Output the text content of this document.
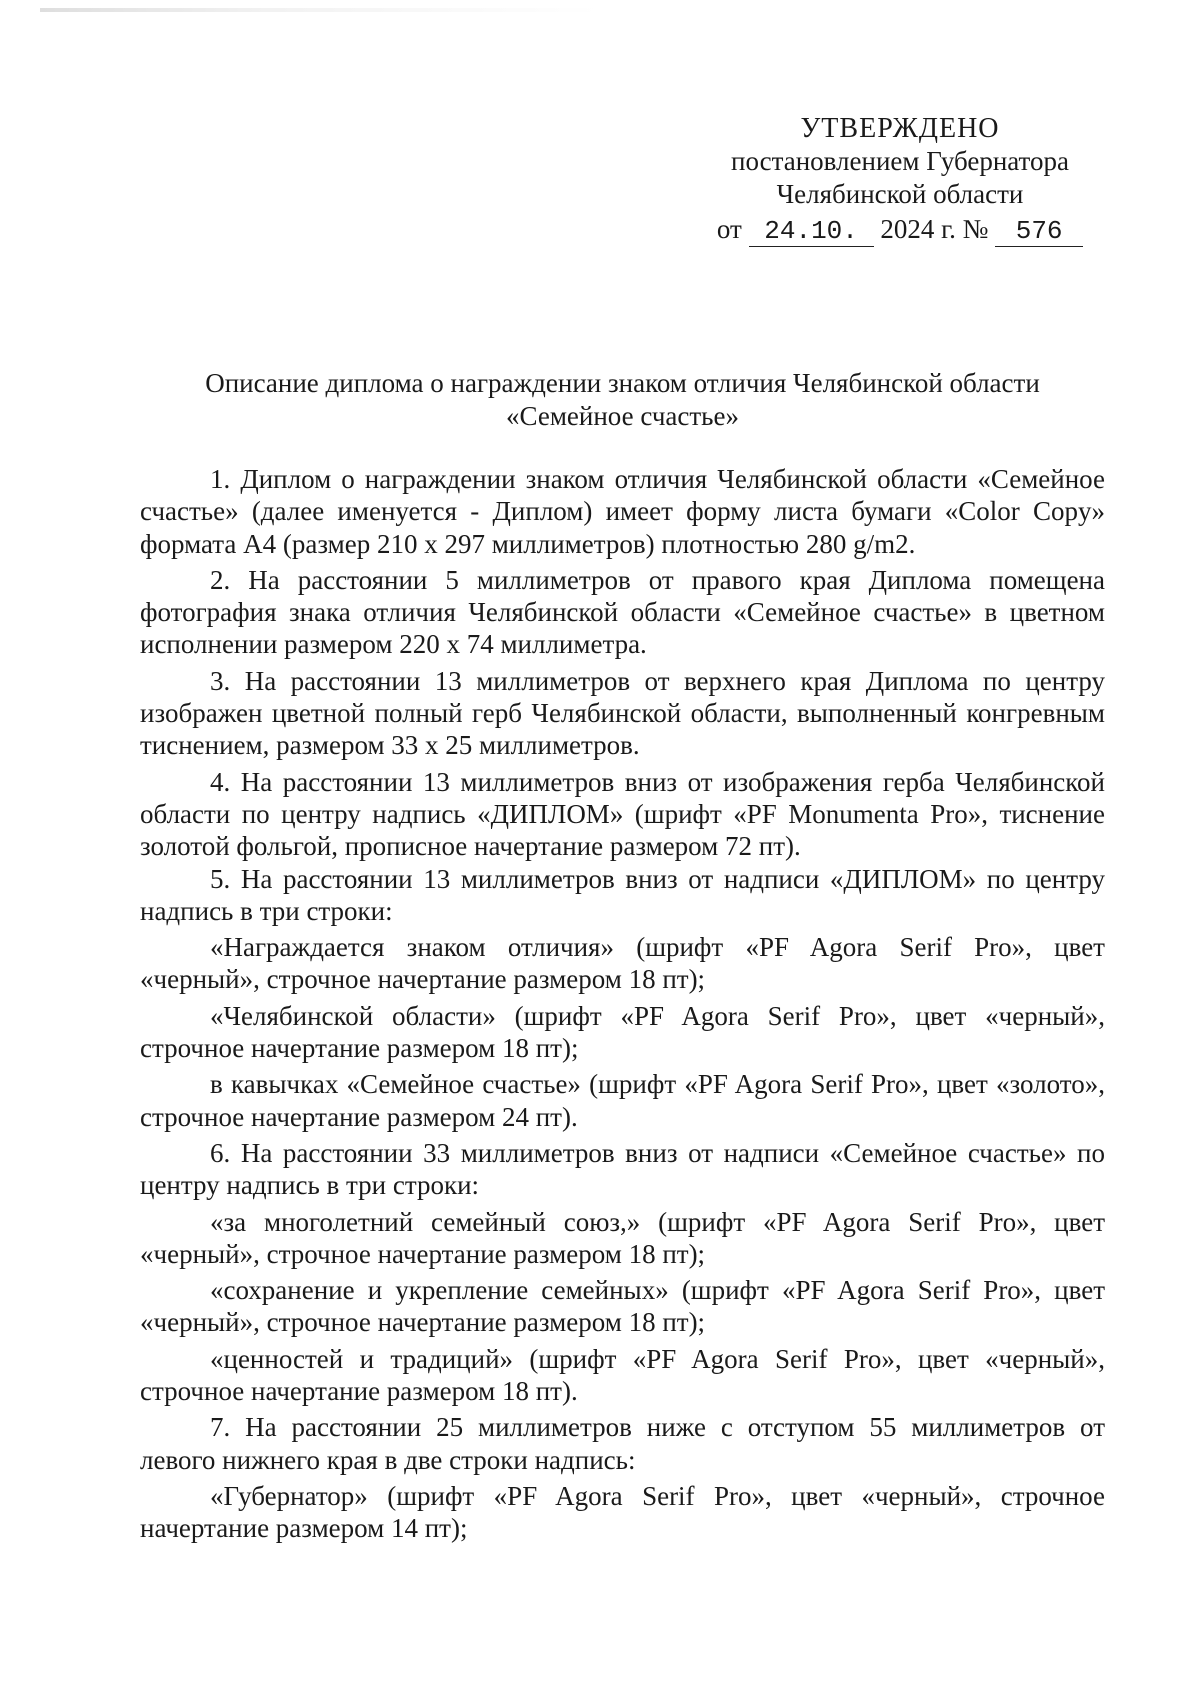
УТВЕРЖДЕНО
постановлением Губернатора
Челябинской области
от 24.10. 2024 г. № 576
Описание диплома о награждении знаком отличия Челябинской области
«Семейное счастье»

1. Диплом о награждении знаком отличия Челябинской области «Семейное счастье» (далее именуется - Диплом) имеет форму листа бумаги «Color Copy» формата А4 (размер 210 x 297 миллиметров) плотностью 280 g/m2.

2. На расстоянии 5 миллиметров от правого края Диплома помещена фотография знака отличия Челябинской области «Семейное счастье» в цветном исполнении размером 220 x 74 миллиметра.

3. На расстоянии 13 миллиметров от верхнего края Диплома по центру изображен цветной полный герб Челябинской области, выполненный конгревным тиснением, размером 33 x 25 миллиметров.

4. На расстоянии 13 миллиметров вниз от изображения герба Челябинской области по центру надпись «ДИПЛОМ» (шрифт «PF Monumenta Pro», тиснение золотой фольгой, прописное начертание размером 72 пт).

5. На расстоянии 13 миллиметров вниз от надписи «ДИПЛОМ» по центру надпись в три строки:

«Награждается знаком отличия» (шрифт «PF Agora Serif Pro», цвет «черный», строчное начертание размером 18 пт);

«Челябинской области» (шрифт «PF Agora Serif Pro», цвет «черный», строчное начертание размером 18 пт);

в кавычках «Семейное счастье» (шрифт «PF Agora Serif Pro», цвет «золото», строчное начертание размером 24 пт).

6. На расстоянии 33 миллиметров вниз от надписи «Семейное счастье» по центру надпись в три строки:

«за многолетний семейный союз,» (шрифт «PF Agora Serif Pro», цвет «черный», строчное начертание размером 18 пт);

«сохранение и укрепление семейных» (шрифт «PF Agora Serif Pro», цвет «черный», строчное начертание размером 18 пт);

«ценностей и традиций» (шрифт «PF Agora Serif Pro», цвет «черный», строчное начертание размером 18 пт).

7. На расстоянии 25 миллиметров ниже с отступом 55 миллиметров от левого нижнего края в две строки надпись:

«Губернатор» (шрифт «PF Agora Serif Pro», цвет «черный», строчное начертание размером 14 пт);
